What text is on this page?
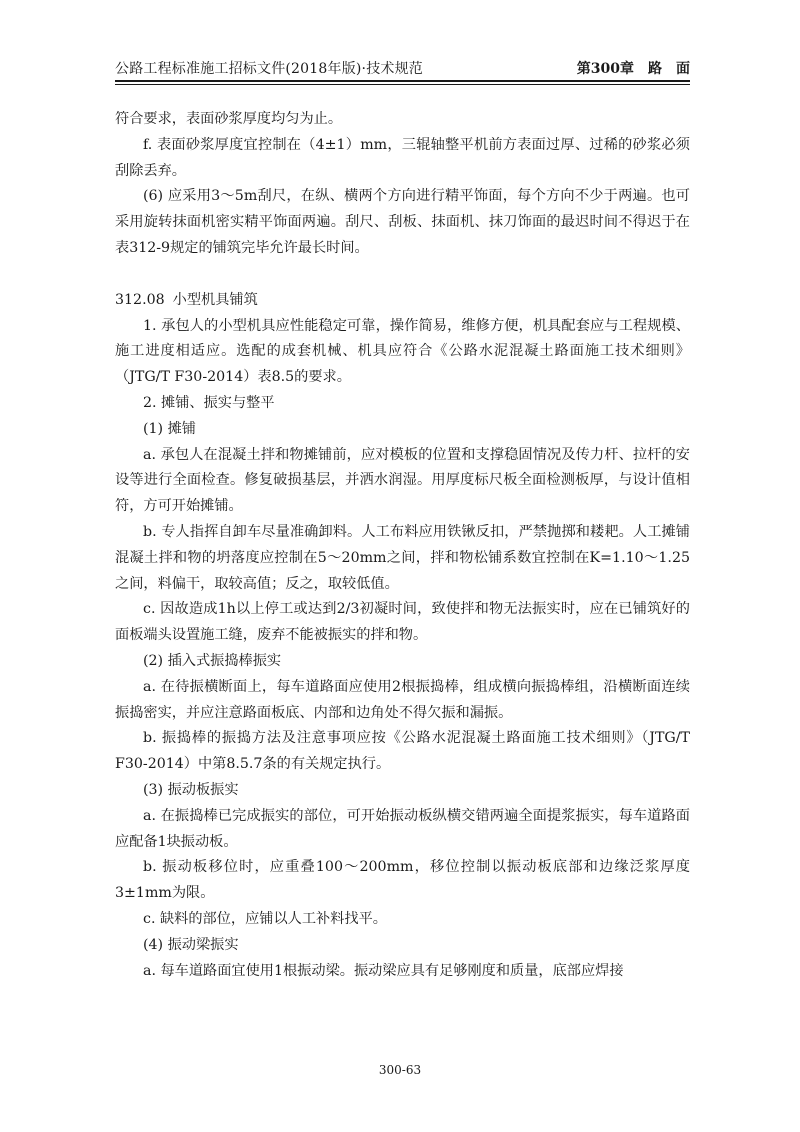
公路工程标准施工招标文件(2018年版)·技术规范	第300章　路　面

符合要求，表面砂浆厚度均匀为止。

f. 表面砂浆厚度宜控制在（4±1）mm，三辊轴整平机前方表面过厚、过稀的砂浆必须刮除丢弃。

(6) 应采用3～5m刮尺，在纵、横两个方向进行精平饰面，每个方向不少于两遍。也可采用旋转抹面机密实精平饰面两遍。刮尺、刮板、抹面机、抹刀饰面的最迟时间不得迟于在表312-9规定的铺筑完毕允许最长时间。

312.08 小型机具铺筑

1. 承包人的小型机具应性能稳定可靠，操作简易，维修方便，机具配套应与工程规模、施工进度相适应。选配的成套机械、机具应符合《公路水泥混凝土路面施工技术细则》（JTG/T F30-2014）表8.5的要求。

2. 摊铺、振实与整平

(1) 摊铺

a. 承包人在混凝土拌和物摊铺前，应对模板的位置和支撑稳固情况及传力杆、拉杆的安设等进行全面检查。修复破损基层，并洒水润湿。用厚度标尺板全面检测板厚，与设计值相符，方可开始摊铺。

b. 专人指挥自卸车尽量准确卸料。人工布料应用铁锹反扣，严禁抛掷和耧耙。人工摊铺混凝土拌和物的坍落度应控制在5～20mm之间，拌和物松铺系数宜控制在K=1.10～1.25之间，料偏干，取较高值；反之，取较低值。

c. 因故造成1h以上停工或达到2/3初凝时间，致使拌和物无法振实时，应在已铺筑好的面板端头设置施工缝，废弃不能被振实的拌和物。

(2) 插入式振捣棒振实

a. 在待振横断面上，每车道路面应使用2根振捣棒，组成横向振捣棒组，沿横断面连续振捣密实，并应注意路面板底、内部和边角处不得欠振和漏振。

b. 振捣棒的振捣方法及注意事项应按《公路水泥混凝土路面施工技术细则》（JTG/T F30-2014）中第8.5.7条的有关规定执行。

(3) 振动板振实

a. 在振捣棒已完成振实的部位，可开始振动板纵横交错两遍全面提浆振实，每车道路面应配备1块振动板。

b. 振动板移位时，应重叠100～200mm，移位控制以振动板底部和边缘泛浆厚度3±1mm为限。

c. 缺料的部位，应铺以人工补料找平。

(4) 振动梁振实

a. 每车道路面宜使用1根振动梁。振动梁应具有足够刚度和质量，底部应焊接

300-63
